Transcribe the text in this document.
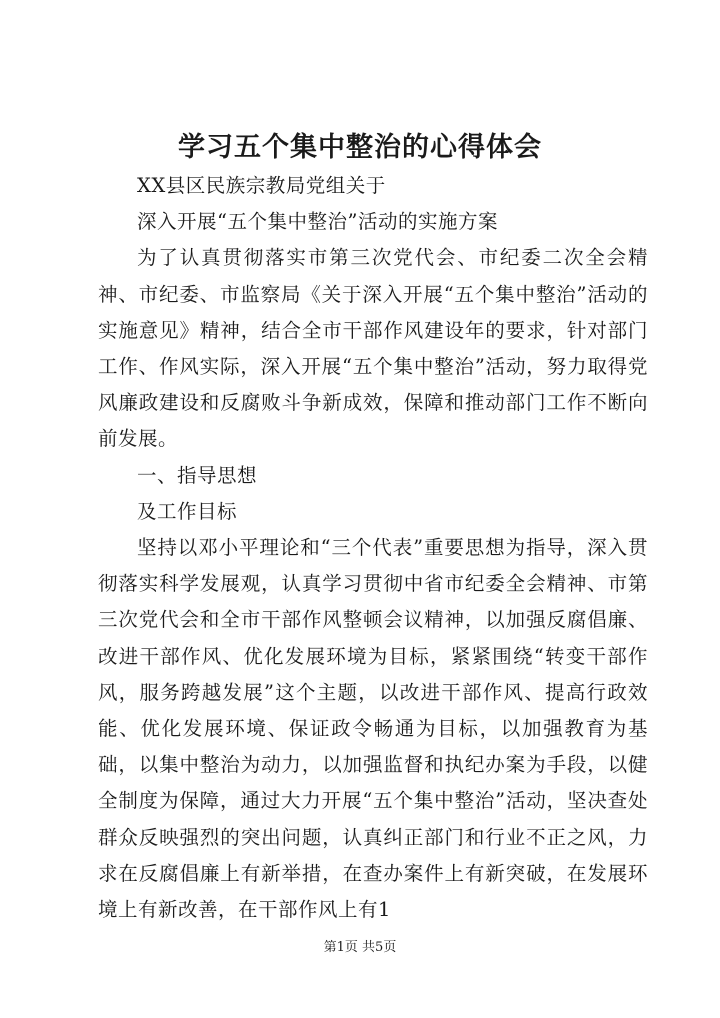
学习五个集中整治的心得体会

XX县区民族宗教局党组关于

深入开展“五个集中整治”活动的实施方案

为了认真贯彻落实市第三次党代会、市纪委二次全会精神、市纪委、市监察局《关于深入开展“五个集中整治”活动的实施意见》精神，结合全市干部作风建设年的要求，针对部门工作、作风实际，深入开展“五个集中整治”活动，努力取得党风廉政建设和反腐败斗争新成效，保障和推动部门工作不断向前发展。

一、指导思想

及工作目标

坚持以邓小平理论和“三个代表”重要思想为指导，深入贯彻落实科学发展观，认真学习贯彻中省市纪委全会精神、市第三次党代会和全市干部作风整顿会议精神，以加强反腐倡廉、改进干部作风、优化发展环境为目标，紧紧围绕“转变干部作风，服务跨越发展”这个主题，以改进干部作风、提高行政效能、优化发展环境、保证政令畅通为目标，以加强教育为基础，以集中整治为动力，以加强监督和执纪办案为手段，以健全制度为保障，通过大力开展“五个集中整治”活动，坚决查处群众反映强烈的突出问题，认真纠正部门和行业不正之风，力求在反腐倡廉上有新举措，在查办案件上有新突破，在发展环境上有新改善，在干部作风上有1

第1页 共5页
